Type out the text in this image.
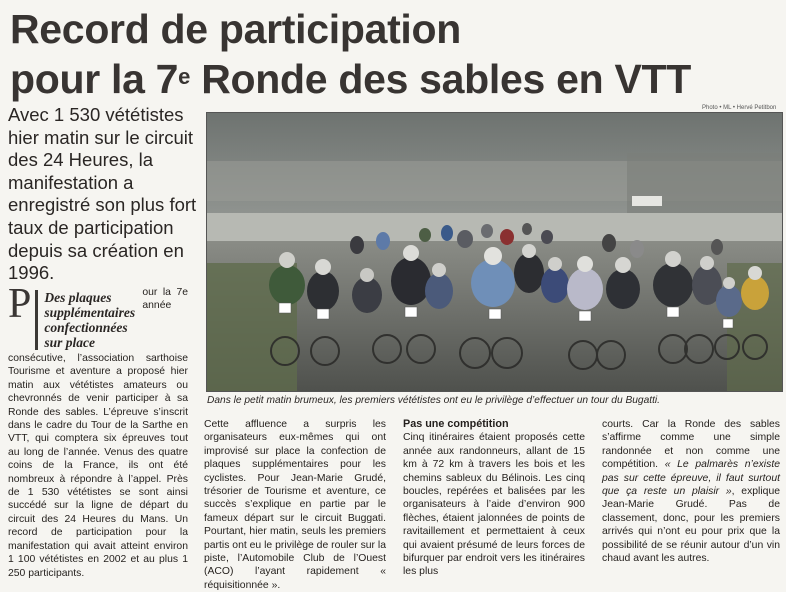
Record de participation
pour la 7e Ronde des sables en VTT

Avec 1 530 vététistes hier matin sur le circuit des 24 Heures, la manifestation a enregistré son plus fort taux de participation depuis sa création en 1996.

Photo • ML • Hervé Petitbon
Dans le petit matin brumeux, les premiers vététistes ont eu le privilège d’effectuer un tour du Bugatti.
P Des plaques supplémentaires confectionnées sur place
our la 7e année consécutive, l’association sarthoise Tourisme et aventure a proposé hier matin aux vététistes amateurs ou chevronnés de venir participer à sa Ronde des sables. L’épreuve s’inscrit dans le cadre du Tour de la Sarthe en VTT, qui comptera six épreuves tout au long de l’année. Venus des quatre coins de la France, ils ont été nombreux à répondre à l’appel. Près de 1 530 vététistes se sont ainsi succédé sur la ligne de départ du circuit des 24 Heures du Mans. Un record de participation pour la manifestation qui avait atteint environ 1 100 vététistes en 2002 et au plus 1 250 participants.

Cette affluence a surpris les organisateurs eux-mêmes qui ont improvisé sur place la confection de plaques supplémentaires pour les cyclistes. Pour Jean-Marie Grudé, trésorier de Tourisme et aventure, ce succès s’explique en partie par le fameux départ sur le circuit Buggati. Pourtant, hier matin, seuls les premiers partis ont eu le privilège de rouler sur la piste, l’Automobile Club de l’Ouest (ACO) l’ayant rapidement « réquisitionnée ».

Pas une compétition

Cinq itinéraires étaient proposés cette année aux randonneurs, allant de 15 km à 72 km à travers les bois et les chemins sableux du Bélinois. Les cinq boucles, repérées et balisées par les organisateurs à l’aide d’environ 900 flèches, étaient jalonnées de points de ravitaillement et permettaient à ceux qui avaient présumé de leurs forces de bifurquer par endroit vers les itinéraires les plus

courts. Car la Ronde des sables s’affirme comme une simple randonnée et non comme une compétition. « Le palmarès n’existe pas sur cette épreuve, il faut surtout que ça reste un plaisir », explique Jean-Marie Grudé. Pas de classement, donc, pour les premiers arrivés qui n’ont eu pour prix que la possibilité de se réunir autour d’un vin chaud avant les autres.
